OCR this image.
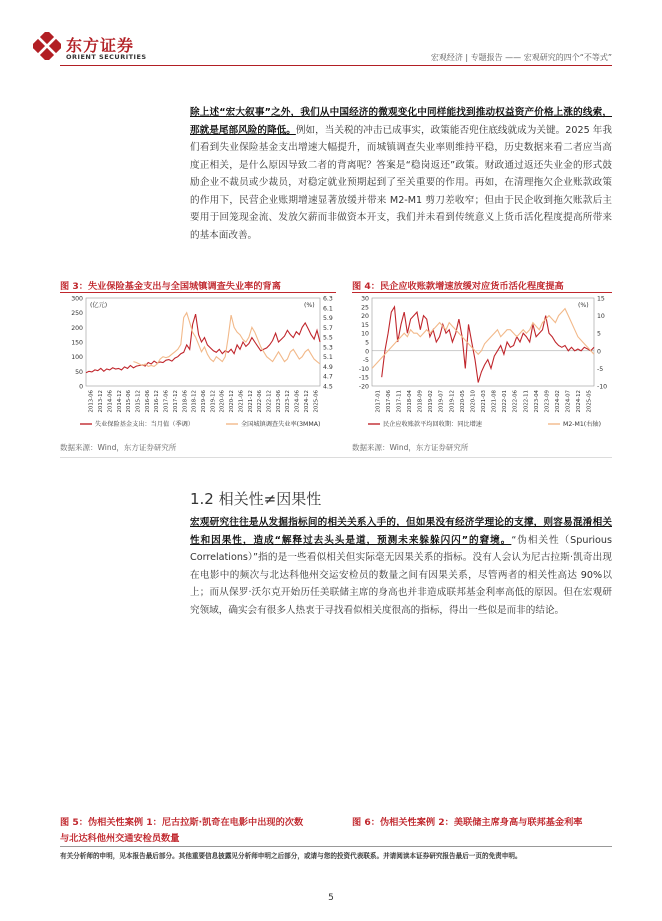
东方证券
ORIENT SECURITIES	宏观经济 | 专题报告 —— 宏观研究的四个“不等式”

除上述“宏大叙事”之外，我们从中国经济的微观变化中同样能找到推动权益资产价格上涨的线索，那就是尾部风险的降低。例如，当关税的冲击已成事实，政策能否兜住底线就成为关键。2025 年我们看到失业保险基金支出增速大幅提升，而城镇调查失业率则维持平稳，历史数据来看二者应当高度正相关，是什么原因导致二者的背离呢？答案是“稳岗返还”政策。财政通过返还失业金的形式鼓励企业不裁员或少裁员，对稳定就业预期起到了至关重要的作用。再如，在清理拖欠企业账款政策的作用下，民营企业账期增速显著放缓并带来 M2-M1 剪刀差收窄；但由于民企收到拖欠账款后主要用于回笼现金流、发放欠薪而非做资本开支，我们并未看到传统意义上货币活化程度提高所带来的基本面改善。

图 3：失业保险基金支出与全国城镇调查失业率的背离
300
250
200
150
100
50
0
6.3
6.1
5.9
5.7
5.5
5.3
5.1
4.9
4.7
4.5
(亿元)	(%)
2013-06 2013-12 2014-06 2014-12 2015-06 2015-12 2016-06 2016-12 2017-06 2017-12 2018-06 2018-12 2019-06 2019-12 2020-06 2020-12 2021-06 2021-12 2022-06 2022-12 2023-06 2023-12 2024-06 2024-12 2025-06
失业保险基金支出：当月值（季调）	全国城镇调查失业率(3MMA)
数据来源：Wind，东方证券研究所
图 4：民企应收账款增速放缓对应货币活化程度提高
30
25
20
15
10
5
0
-5
-10
-15
-20
15
10
5
0
-5
-10
(%)
2017-01 2017-06 2017-11 2018-04 2018-09 2019-02 2019-07 2019-12 2020-05 2020-10 2021-03 2021-08 2022-01 2022-06 2022-11 2023-04 2023-09 2024-02 2024-07 2024-12 2025-05
民企应收账款平均回收期：同比增速	M2-M1(右轴)
数据来源：Wind，东方证券研究所
1.2 相关性≠因果性

宏观研究往往是从发掘指标间的相关关系入手的，但如果没有经济学理论的支撑，则容易混淆相关性和因果性，造成“解释过去头头是道，预测未来躲躲闪闪”的窘境。“伪相关性（Spurious Correlations）”指的是一些看似相关但实际毫无因果关系的指标。没有人会认为尼古拉斯·凯奇出现在电影中的频次与北达科他州交运安检员的数量之间有因果关系，尽管两者的相关性高达 90%以上；而从保罗·沃尔克开始历任美联储主席的身高也并非造成联邦基金利率高低的原因。但在宏观研究领域，确实会有很多人热衷于寻找看似相关度很高的指标，得出一些似是而非的结论。

图 5：伪相关性案例 1：尼古拉斯·凯奇在电影中出现的次数
与北达科他州交通安检员数量
图 6：伪相关性案例 2：美联储主席身高与联邦基金利率
有关分析师的申明，见本报告最后部分。其他重要信息披露见分析师申明之后部分，或请与您的投资代表联系。并请阅读本证券研究报告最后一页的免责申明。
5
